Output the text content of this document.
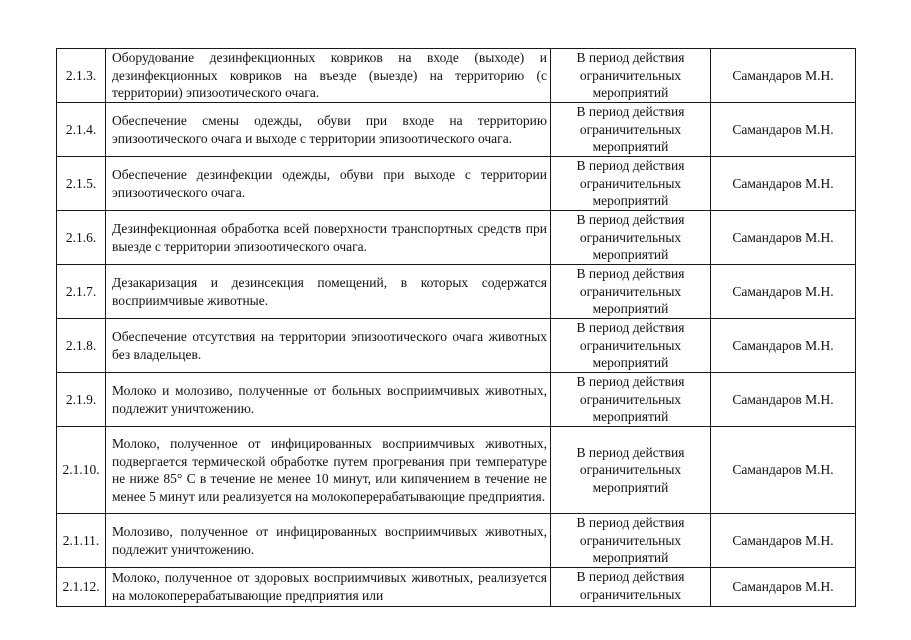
2.1.3.	Оборудование дезинфекционных ковриков на входе (выходе) и дезинфекционных ковриков на въезде (выезде) на территорию (с территории) эпизоотического очага.	В период действия ограничительных мероприятий	Самандаров М.Н.
2.1.4.	Обеспечение смены одежды, обуви при входе на территорию эпизоотического очага и выходе с территории эпизоотического очага.	В период действия ограничительных мероприятий	Самандаров М.Н.
2.1.5.	Обеспечение дезинфекции одежды, обуви при выходе с территории эпизоотического очага.	В период действия ограничительных мероприятий	Самандаров М.Н.
2.1.6.	Дезинфекционная обработка всей поверхности транспортных средств при выезде с территории эпизоотического очага.	В период действия ограничительных мероприятий	Самандаров М.Н.
2.1.7.	Дезакаризация и дезинсекция помещений, в которых содержатся восприимчивые животные.	В период действия ограничительных мероприятий	Самандаров М.Н.
2.1.8.	Обеспечение отсутствия на территории эпизоотического очага животных без владельцев.	В период действия ограничительных мероприятий	Самандаров М.Н.
2.1.9.	Молоко и молозиво, полученные от больных восприимчивых животных, подлежит уничтожению.	В период действия ограничительных мероприятий	Самандаров М.Н.
2.1.10.	Молоко, полученное от инфицированных восприимчивых животных, подвергается термической обработке путем прогревания при температуре не ниже 85° С в течение не менее 10 минут, или кипячением в течение не менее 5 минут или реализуется на молокоперерабатывающие предприятия.	В период действия ограничительных мероприятий	Самандаров М.Н.
2.1.11.	Молозиво, полученное от инфицированных восприимчивых животных, подлежит уничтожению.	В период действия ограничительных мероприятий	Самандаров М.Н.
2.1.12.	Молоко, полученное от здоровых восприимчивых животных, реализуется на молокоперерабатывающие предприятия или	В период действия ограничительных	Самандаров М.Н.
